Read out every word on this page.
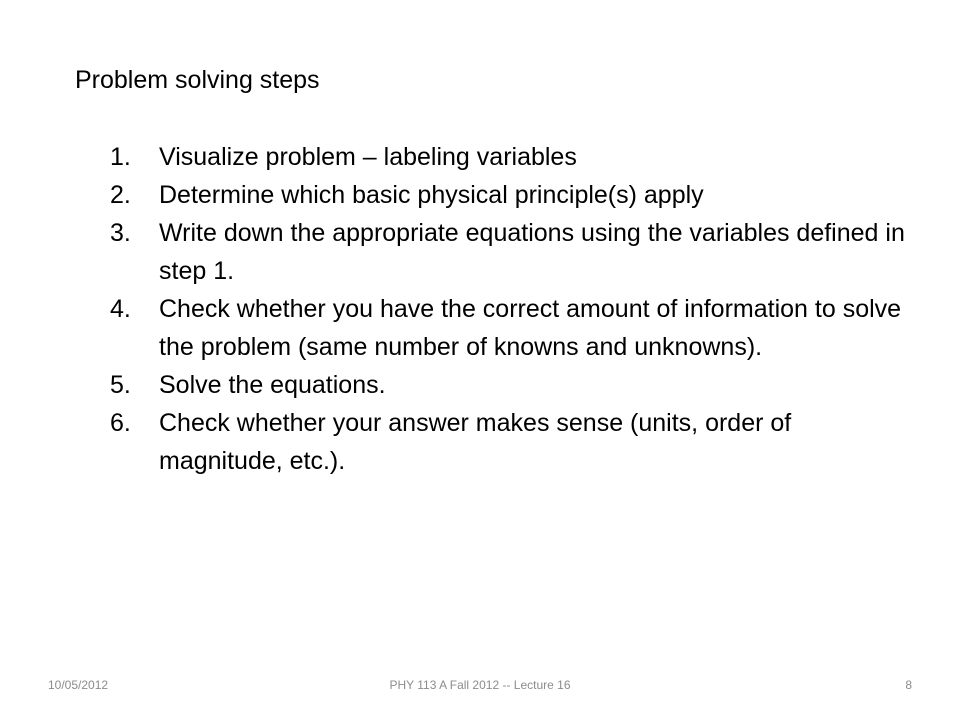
Problem solving steps
1.	Visualize problem – labeling variables
2.	Determine which basic physical principle(s) apply
3.	Write down the appropriate equations using the variables defined in step 1.
4.	Check whether you have the correct amount of information to solve the problem (same number of knowns and unknowns).
5.	Solve the equations.
6.	Check whether your answer makes sense (units, order of magnitude, etc.).
10/05/2012	PHY 113 A Fall 2012 -- Lecture 16	8
